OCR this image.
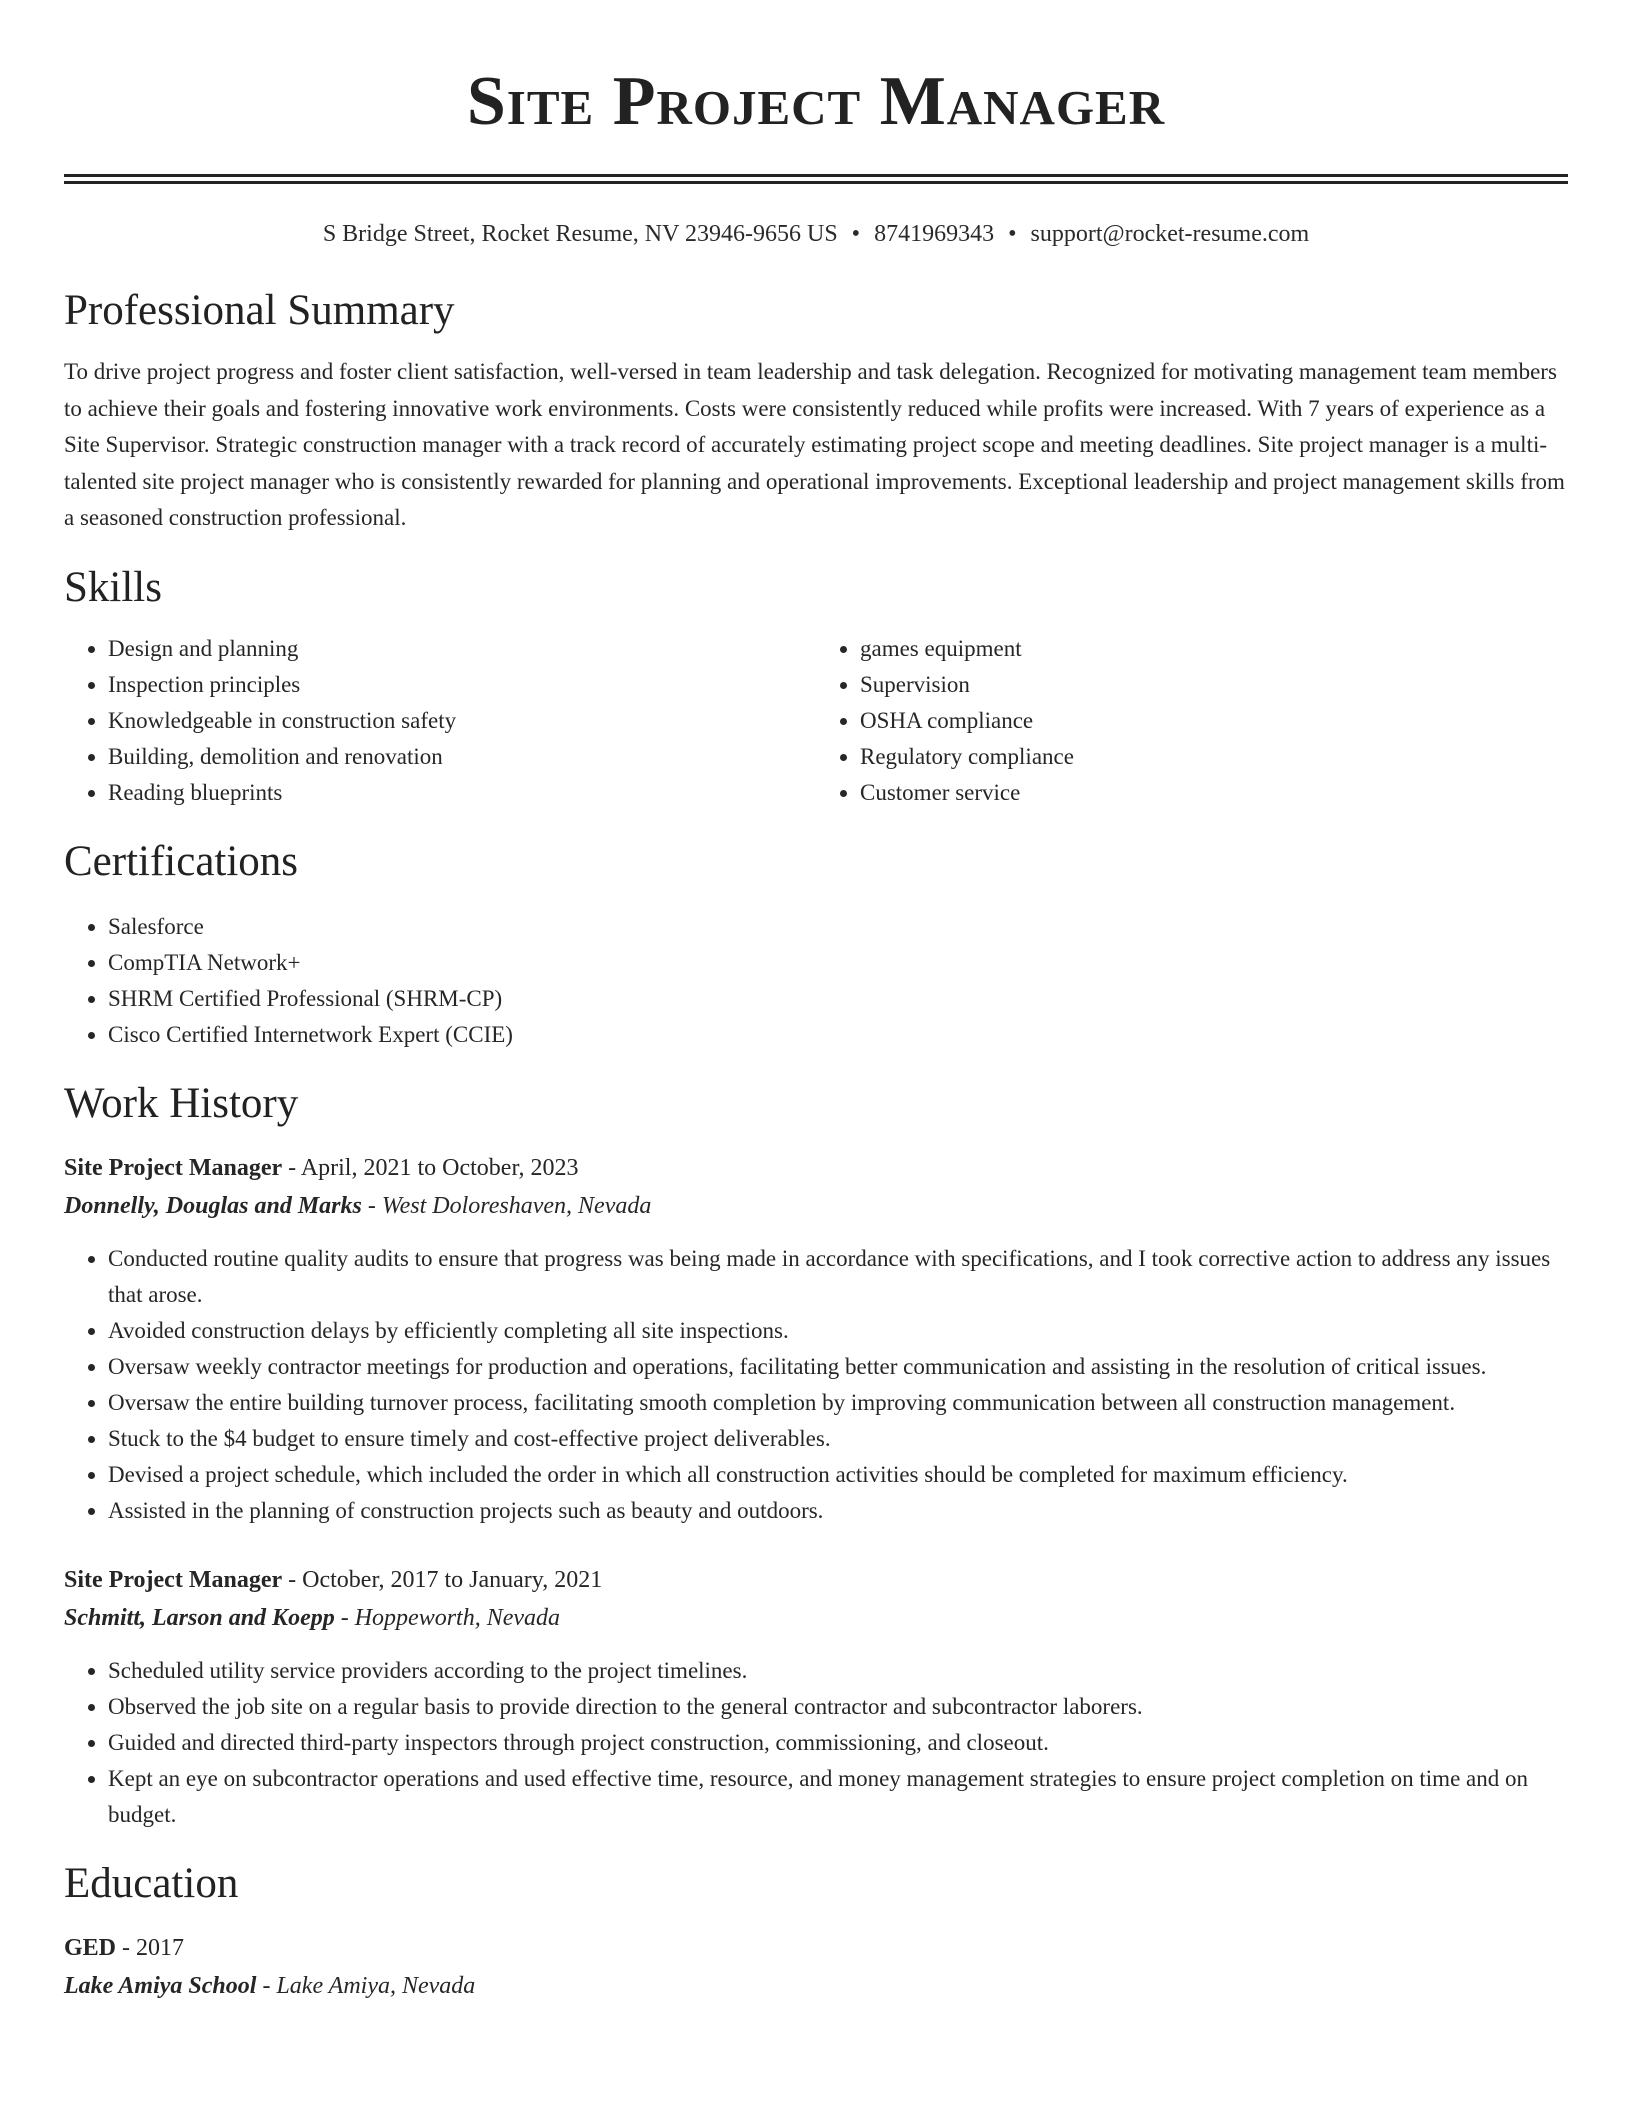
Site Project Manager
S Bridge Street, Rocket Resume, NV 23946-9656 US • 8741969343 • support@rocket-resume.com
Professional Summary

To drive project progress and foster client satisfaction, well-versed in team leadership and task delegation. Recognized for motivating management team members to achieve their goals and fostering innovative work environments. Costs were consistently reduced while profits were increased. With 7 years of experience as a Site Supervisor. Strategic construction manager with a track record of accurately estimating project scope and meeting deadlines. Site project manager is a multi-talented site project manager who is consistently rewarded for planning and operational improvements. Exceptional leadership and project management skills from a seasoned construction professional.

Skills
• Design and planning
• Inspection principles
• Knowledgeable in construction safety
• Building, demolition and renovation
• Reading blueprints
• games equipment
• Supervision
• OSHA compliance
• Regulatory compliance
• Customer service
Certifications
• Salesforce
• CompTIA Network+
• SHRM Certified Professional (SHRM-CP)
• Cisco Certified Internetwork Expert (CCIE)
Work History
Site Project Manager - April, 2021 to October, 2023
Donnelly, Douglas and Marks - West Doloreshaven, Nevada
• Conducted routine quality audits to ensure that progress was being made in accordance with specifications, and I took corrective action to address any issues that arose.
• Avoided construction delays by efficiently completing all site inspections.
• Oversaw weekly contractor meetings for production and operations, facilitating better communication and assisting in the resolution of critical issues.
• Oversaw the entire building turnover process, facilitating smooth completion by improving communication between all construction management.
• Stuck to the $4 budget to ensure timely and cost-effective project deliverables.
• Devised a project schedule, which included the order in which all construction activities should be completed for maximum efficiency.
• Assisted in the planning of construction projects such as beauty and outdoors.
Site Project Manager - October, 2017 to January, 2021
Schmitt, Larson and Koepp - Hoppeworth, Nevada
• Scheduled utility service providers according to the project timelines.
• Observed the job site on a regular basis to provide direction to the general contractor and subcontractor laborers.
• Guided and directed third-party inspectors through project construction, commissioning, and closeout.
• Kept an eye on subcontractor operations and used effective time, resource, and money management strategies to ensure project completion on time and on budget.
Education
GED - 2017
Lake Amiya School - Lake Amiya, Nevada
